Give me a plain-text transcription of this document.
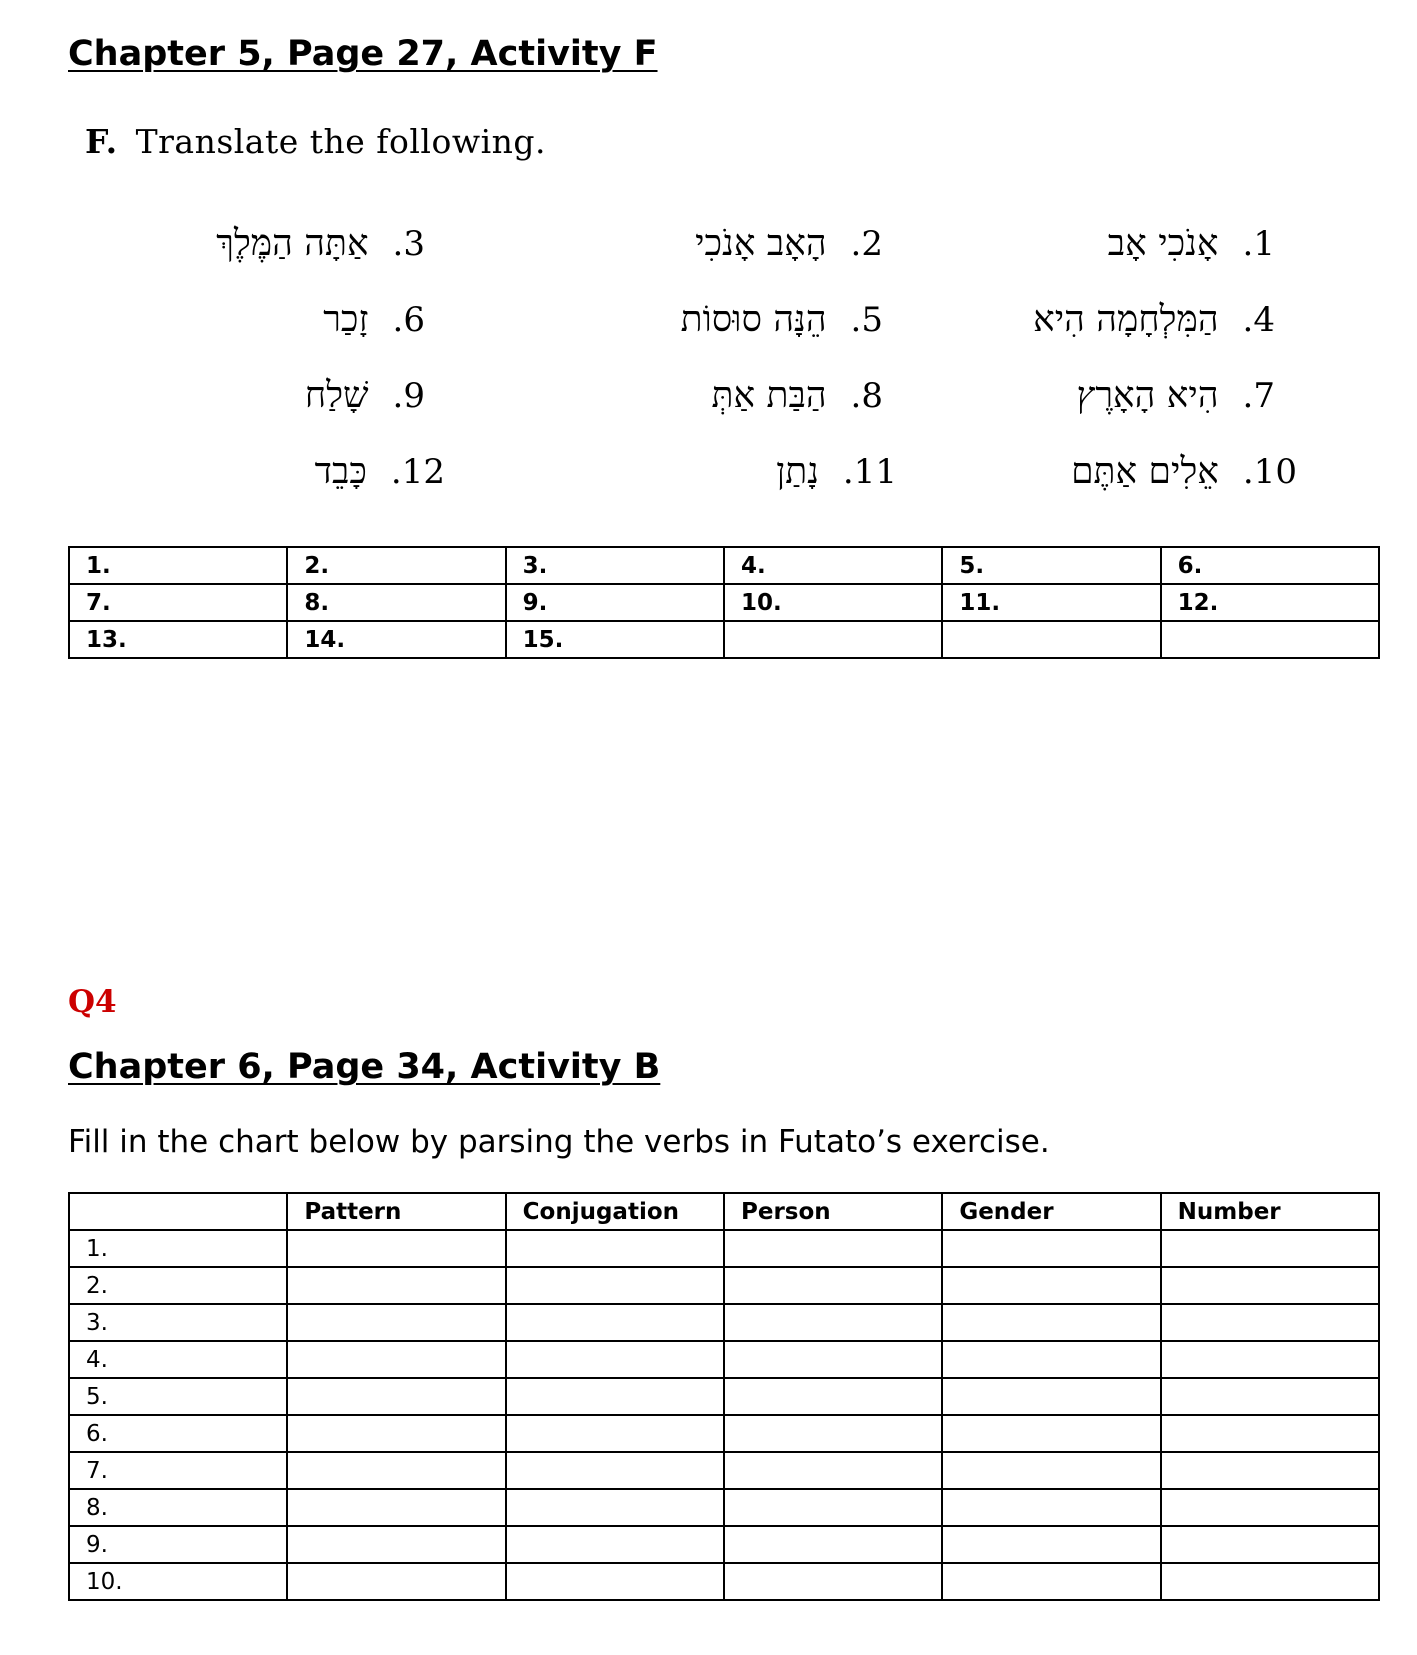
Chapter 5, Page 27, Activity F
F. Translate the following.
אָנֹכִי אָב .1
הַמִּלְחָמָה הִיא .4
הִיא הָאָרֶץ .7
אֵלִים אַתֶּם .10
הָאָב אָנֹכִי .2
הֵנָּה סוּסוֹת .5
הַבַּת אַתְּ .8
נָתַן .11
אַתָּה הַמֶּלֶךְ .3
זָכַר .6
שָׁלַח .9
כָּבֵד .12
1.	2.	3.	4.	5.	6.
7.	8.	9.	10.	11.	12.
13.	14.	15.			
Q4
Chapter 6, Page 34, Activity B
Fill in the chart below by parsing the verbs in Futato’s exercise.
	Pattern	Conjugation	Person	Gender	Number
1.					
2.					
3.					
4.					
5.					
6.					
7.					
8.					
9.					
10.					
